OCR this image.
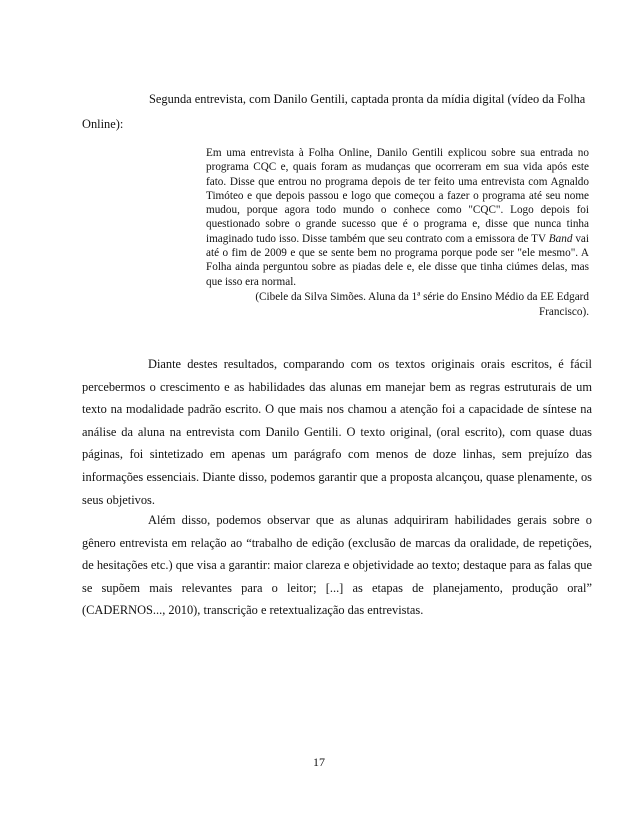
Segunda entrevista, com Danilo Gentili, captada pronta da mídia digital (vídeo da Folha Online):

Em uma entrevista à Folha Online, Danilo Gentili explicou sobre sua entrada no programa CQC e, quais foram as mudanças que ocorreram em sua vida após este fato. Disse que entrou no programa depois de ter feito uma entrevista com Agnaldo Timóteo e que depois passou e logo que começou a fazer o programa até seu nome mudou, porque agora todo mundo o conhece como "CQC". Logo depois foi questionado sobre o grande sucesso que é o programa e, disse que nunca tinha imaginado tudo isso. Disse também que seu contrato com a emissora de TV Band vai até o fim de 2009 e que se sente bem no programa porque pode ser "ele mesmo". A Folha ainda perguntou sobre as piadas dele e, ele disse que tinha ciúmes delas, mas que isso era normal.

(Cibele da Silva Simões. Aluna da 1ª série do Ensino Médio da EE Edgard Francisco).

Diante destes resultados, comparando com os textos originais orais escritos, é fácil percebermos o crescimento e as habilidades das alunas em manejar bem as regras estruturais de um texto na modalidade padrão escrito. O que mais nos chamou a atenção foi a capacidade de síntese na análise da aluna na entrevista com Danilo Gentili. O texto original, (oral escrito), com quase duas páginas, foi sintetizado em apenas um parágrafo com menos de doze linhas, sem prejuízo das informações essenciais. Diante disso, podemos garantir que a proposta alcançou, quase plenamente, os seus objetivos.

Além disso, podemos observar que as alunas adquiriram habilidades gerais sobre o gênero entrevista em relação ao “trabalho de edição (exclusão de marcas da oralidade, de repetições, de hesitações etc.) que visa a garantir: maior clareza e objetividade ao texto; destaque para as falas que se supõem mais relevantes para o leitor; [...] as etapas de planejamento, produção oral” (CADERNOS..., 2010), transcrição e retextualização das entrevistas.

17
